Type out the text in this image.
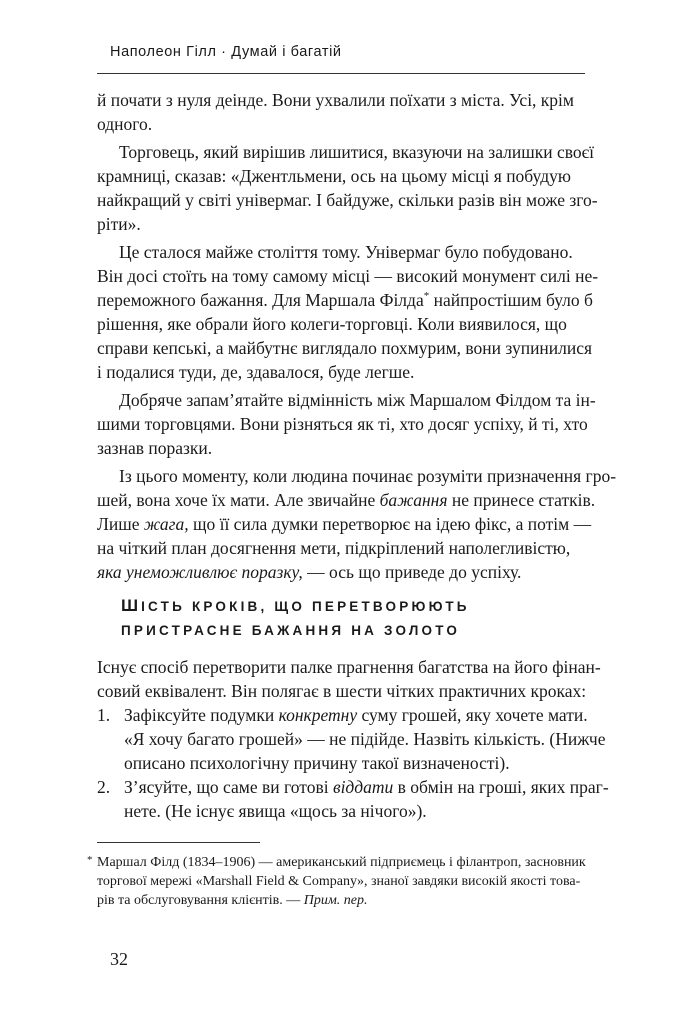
Наполеон Гілл · Думай і багатій
й почати з нуля деінде. Вони ухвалили поїхати з міста. Усі, крім
одного.
Торговець, який вирішив лишитися, вказуючи на залишки своєї
крамниці, сказав: «Джентльмени, ось на цьому місці я побудую
найкращий у світі універмаг. І байдуже, скільки разів він може зго-
ріти».
Це сталося майже століття тому. Універмаг було побудовано.
Він досі стоїть на тому самому місці — високий монумент силі не-
переможного бажання. Для Маршала Філда* найпростішим було б
рішення, яке обрали його колеги-торговці. Коли виявилося, що
справи кепські, а майбутнє виглядало похмурим, вони зупинилися
і подалися туди, де, здавалося, буде легше.
Добряче запам’ятайте відмінність між Маршалом Філдом та ін-
шими торговцями. Вони різняться як ті, хто досяг успіху, й ті, хто
зазнав поразки.
Із цього моменту, коли людина починає розуміти призначення гро-
шей, вона хоче їх мати. Але звичайне бажання не принесе статків.
Лише жага, що її сила думки перетворює на ідею фікс, а потім —
на чіткий план досягнення мети, підкріплений наполегливістю,
яка унеможливлює поразку, — ось що приведе до успіху.
ШІСТЬ КРОКІВ, ЩО ПЕРЕТВОРЮЮТЬ
ПРИСТРАСНЕ БАЖАННЯ НА ЗОЛОТО
Існує спосіб перетворити палке прагнення багатства на його фінан-
совий еквівалент. Він полягає в шести чітких практичних кроках:
1. Зафіксуйте подумки конкретну суму грошей, яку хочете мати.
«Я хочу багато грошей» — не підійде. Назвіть кількість. (Нижче
описано психологічну причину такої визначеності).
2. З’ясуйте, що саме ви готові віддати в обмін на гроші, яких праг-
нете. (Не існує явища «щось за нічого»).
* Маршал Філд (1834–1906) — американський підприємець і філантроп, засновник
торгової мережі «Marshall Field & Company», знаної завдяки високій якості това-
рів та обслуговування клієнтів. — Прим. пер.
32
